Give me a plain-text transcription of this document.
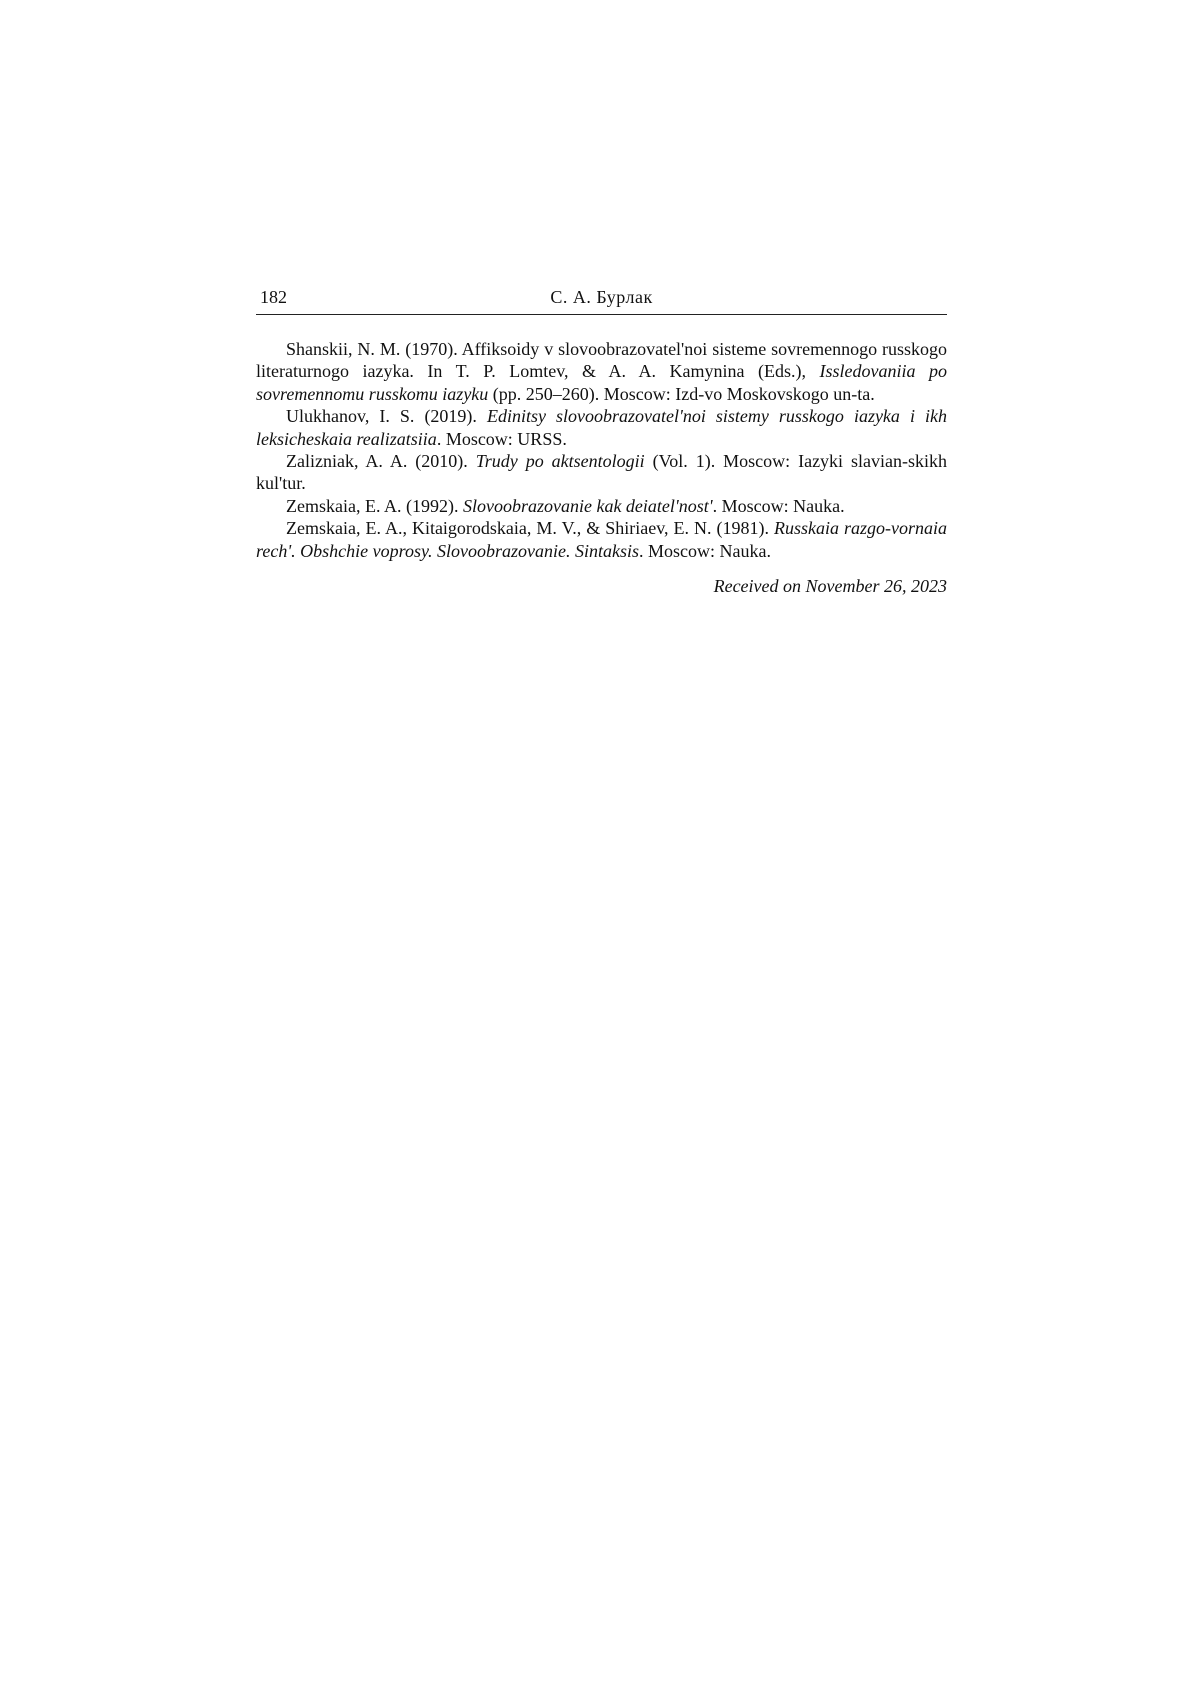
182	С. А. Бурлак

Shanskii, N. M. (1970). Affiksoidy v slovoobrazovatel'noi sisteme sovremennogo russkogo literaturnogo iazyka. In T. P. Lomtev, & A. A. Kamynina (Eds.), Issledovaniia po sovremennomu russkomu iazyku (pp. 250–260). Moscow: Izd-vo Moskovskogo un-ta.

Ulukhanov, I. S. (2019). Edinitsy slovoobrazovatel'noi sistemy russkogo iazyka i ikh leksicheskaia realizatsiia. Moscow: URSS.

Zalizniak, A. A. (2010). Trudy po aktsentologii (Vol. 1). Moscow: Iazyki slavian-skikh kul'tur.

Zemskaia, E. A. (1992). Slovoobrazovanie kak deiatel'nost'. Moscow: Nauka.

Zemskaia, E. A., Kitaigorodskaia, M. V., & Shiriaev, E. N. (1981). Russkaia razgo-vornaia rech'. Obshchie voprosy. Slovoobrazovanie. Sintaksis. Moscow: Nauka.

Received on November 26, 2023
